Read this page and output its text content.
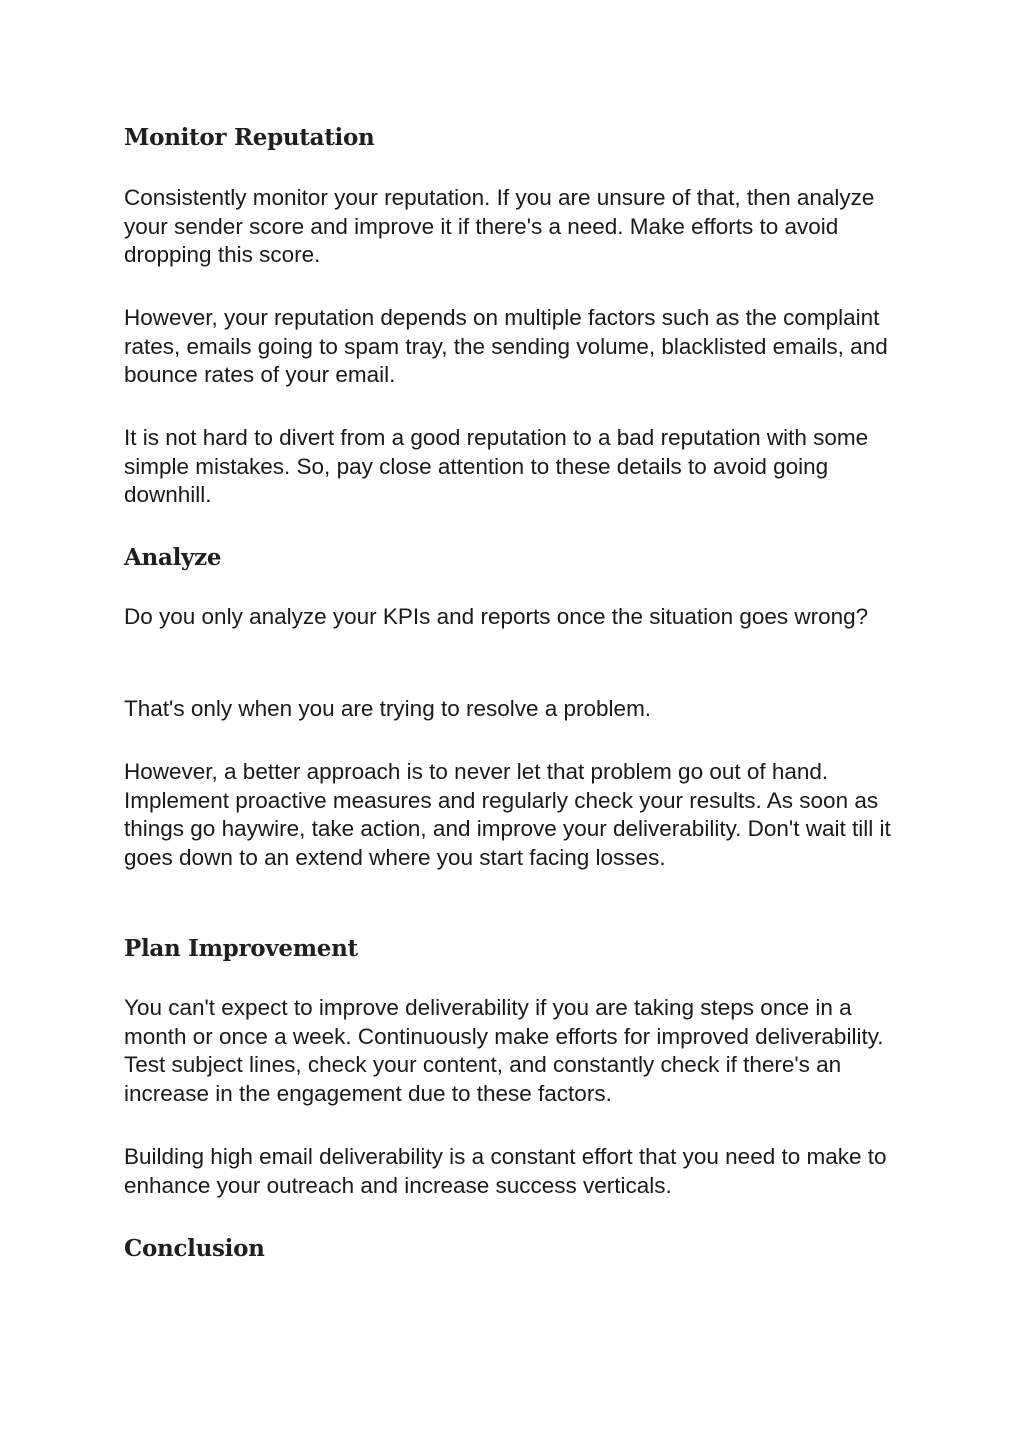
Monitor Reputation

Consistently monitor your reputation. If you are unsure of that, then analyze your sender score and improve it if there's a need. Make efforts to avoid dropping this score.

However, your reputation depends on multiple factors such as the complaint rates, emails going to spam tray, the sending volume, blacklisted emails, and bounce rates of your email.

It is not hard to divert from a good reputation to a bad reputation with some simple mistakes. So, pay close attention to these details to avoid going downhill.

Analyze

Do you only analyze your KPIs and reports once the situation goes wrong?

That's only when you are trying to resolve a problem.

However, a better approach is to never let that problem go out of hand. Implement proactive measures and regularly check your results. As soon as things go haywire, take action, and improve your deliverability. Don't wait till it goes down to an extend where you start facing losses.

Plan Improvement

You can't expect to improve deliverability if you are taking steps once in a month or once a week. Continuously make efforts for improved deliverability. Test subject lines, check your content, and constantly check if there's an increase in the engagement due to these factors.

Building high email deliverability is a constant effort that you need to make to enhance your outreach and increase success verticals.

Conclusion
